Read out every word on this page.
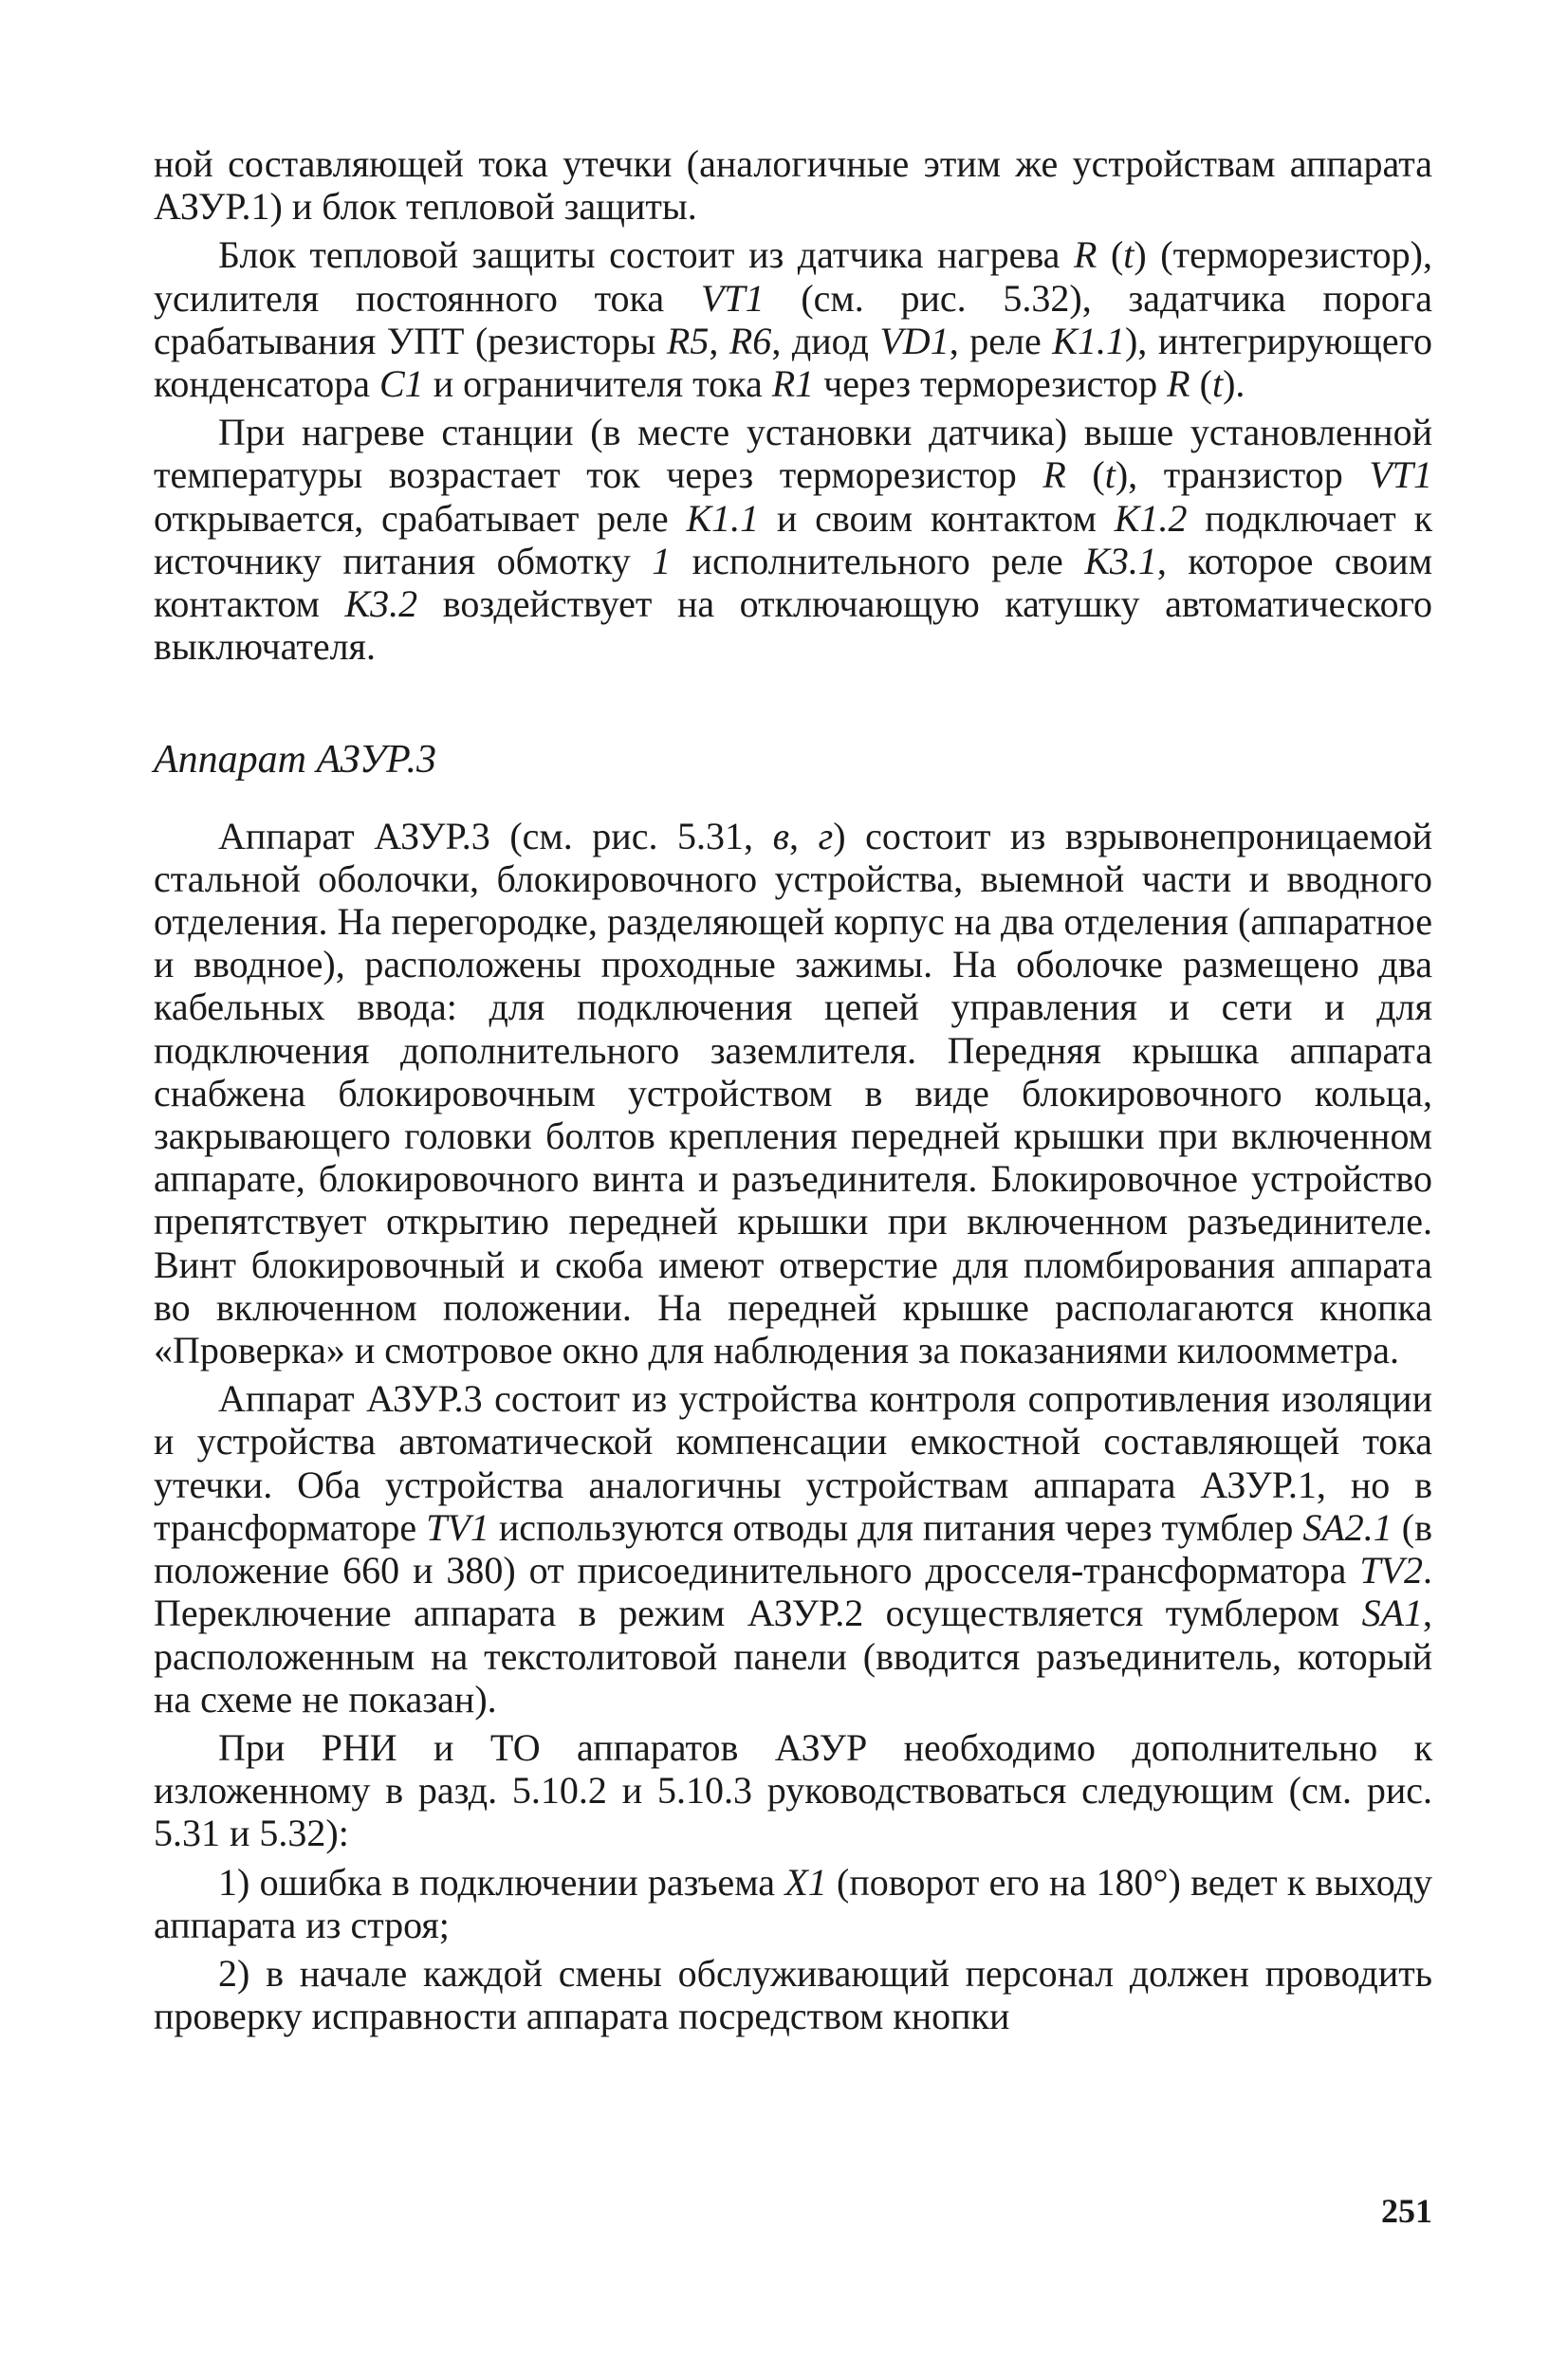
ной составляющей тока утечки (аналогичные этим же устройствам аппарата АЗУР.1) и блок тепловой защиты.

Блок тепловой защиты состоит из датчика нагрева R (t) (терморезистор), усилителя постоянного тока VT1 (см. рис. 5.32), задатчика порога срабатывания УПТ (резисторы R5, R6, диод VD1, реле K1.1), интегрирующего конденсатора C1 и ограничителя тока R1 через терморезистор R (t).

При нагреве станции (в месте установки датчика) выше установленной температуры возрастает ток через терморезистор R (t), транзистор VT1 открывается, срабатывает реле K1.1 и своим контактом K1.2 подключает к источнику питания обмотку 1 исполнительного реле K3.1, которое своим контактом K3.2 воздействует на отключающую катушку автоматического выключателя.

Аппарат АЗУР.3

Аппарат АЗУР.3 (см. рис. 5.31, в, г) состоит из взрывонепроницаемой стальной оболочки, блокировочного устройства, выемной части и вводного отделения. На перегородке, разделяющей корпус на два отделения (аппаратное и вводное), расположены проходные зажимы. На оболочке размещено два кабельных ввода: для подключения цепей управления и сети и для подключения дополнительного заземлителя. Передняя крышка аппарата снабжена блокировочным устройством в виде блокировочного кольца, закрывающего головки болтов крепления передней крышки при включенном аппарате, блокировочного винта и разъединителя. Блокировочное устройство препятствует открытию передней крышки при включенном разъединителе. Винт блокировочный и скоба имеют отверстие для пломбирования аппарата во включенном положении. На передней крышке располагаются кнопка «Проверка» и смотровое окно для наблюдения за показаниями килоомметра.

Аппарат АЗУР.3 состоит из устройства контроля сопротивления изоляции и устройства автоматической компенсации емкостной составляющей тока утечки. Оба устройства аналогичны устройствам аппарата АЗУР.1, но в трансформаторе TV1 используются отводы для питания через тумблер SA2.1 (в положение 660 и 380) от присоединительного дросселя-трансформатора TV2. Переключение аппарата в режим АЗУР.2 осуществляется тумблером SA1, расположенным на текстолитовой панели (вводится разъединитель, который на схеме не показан).

При РНИ и ТО аппаратов АЗУР необходимо дополнительно к изложенному в разд. 5.10.2 и 5.10.3 руководствоваться следующим (см. рис. 5.31 и 5.32):

1) ошибка в подключении разъема X1 (поворот его на 180°) ведет к выходу аппарата из строя;

2) в начале каждой смены обслуживающий персонал должен проводить проверку исправности аппарата посредством кнопки

251
